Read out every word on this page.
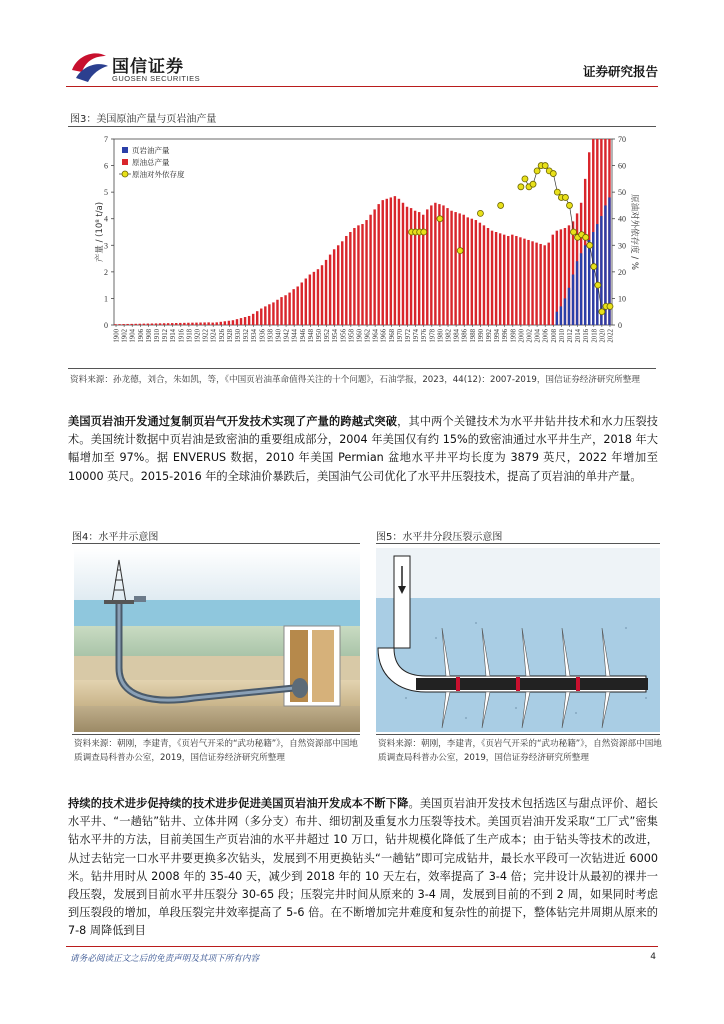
国信证券
GUOSEN SECURITIES	证券研究报告
图3：美国原油产量与页岩油产量
0
1
2
3
4
5
6
7
0
10
20
30
40
50
60
70
产量 / (10⁸ t/a)	原油对外依存度 / %
1900 1902 1904 1906 1908 1910 1912 1914 1916 1918 1920 1922 1924 1926 1928 1930 1932 1934 1936 1938 1940 1942 1944 1946 1948 1950 1952 1954 1956 1958 1960 1962 1964 1966 1968 1970 1972 1974 1976 1978 1980 1982 1984 1986 1988 1990 1992 1994 1996 1998 2000 2002 2004 2006 2008 2010 2012 2014 2016 2018 2020 2022
页岩油产量
原油总产量
原油对外依存度
资料来源：孙龙德，刘合，朱如凯，等，《中国页岩油革命值得关注的十个问题》，石油学报，2023，44(12)：2007-2019，国信证券经济研究所整理
美国页岩油开发通过复制页岩气开发技术实现了产量的跨越式突破，其中两个关键技术为水平井钻井技术和水力压裂技术。美国统计数据中页岩油是致密油的重要组成部分，2004 年美国仅有约 15%的致密油通过水平井生产，2018 年大幅增加至 97%。据 ENVERUS 数据，2010 年美国 Permian 盆地水平井平均长度为 3879 英尺，2022 年增加至 10000 英尺。2015-2016 年的全球油价暴跌后，美国油气公司优化了水平井压裂技术，提高了页岩油的单井产量。
图4：水平井示意图
资料来源：朝刚，李建青，《页岩气开采的“武功秘籍”》，自然资源部中国地质调查局科普办公室，2019，国信证券经济研究所整理
图5：水平井分段压裂示意图
资料来源：朝刚，李建青，《页岩气开采的“武功秘籍”》，自然资源部中国地质调查局科普办公室，2019，国信证券经济研究所整理
持续的技术进步促持续的技术进步促进美国页岩油开发成本不断下降。美国页岩油开发技术包括选区与甜点评价、超长水平井、“一趟钻”钻井、立体井网（多分支）布井、细切割及重复水力压裂等技术。美国页岩油开发采取“工厂式”密集钻水平井的方法，目前美国生产页岩油的水平井超过 10 万口，钻井规模化降低了生产成本；由于钻头等技术的改进，从过去钻完一口水平井要更换多次钻头，发展到不用更换钻头“一趟钻”即可完成钻井，最长水平段可一次钻进近 6000 米。钻井用时从 2008 年的 35-40 天，减少到 2018 年的 10 天左右，效率提高了 3-4 倍；完井设计从最初的裸井一段压裂，发展到目前水平井压裂分 30-65 段；压裂完井时间从原来的 3-4 周，发展到目前的不到 2 周，如果同时考虑到压裂段的增加，单段压裂完井效率提高了 5-6 倍。在不断增加完井难度和复杂性的前提下，整体钻完井周期从原来的 7-8 周降低到目
请务必阅读正文之后的免责声明及其项下所有内容	4
